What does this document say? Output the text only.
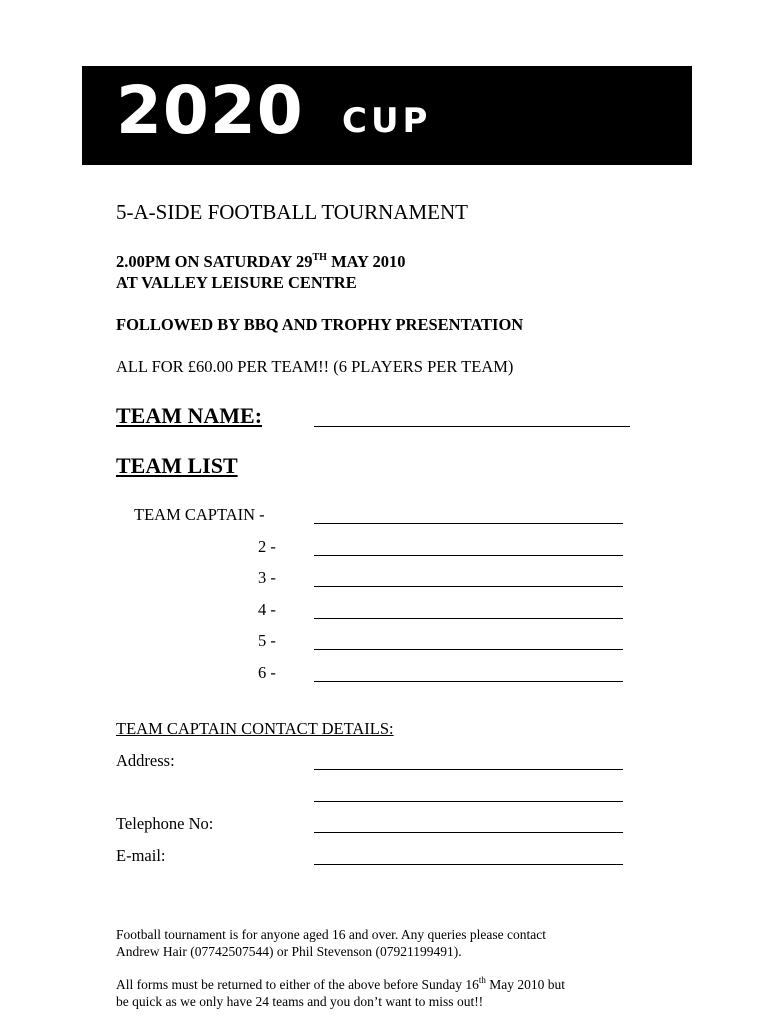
2020 CUP
5-A-SIDE FOOTBALL TOURNAMENT
2.00PM ON SATURDAY 29TH MAY 2010
AT VALLEY LEISURE CENTRE
FOLLOWED BY BBQ AND TROPHY PRESENTATION
ALL FOR £60.00 PER TEAM!! (6 PLAYERS PER TEAM)
TEAM NAME:
TEAM LIST
TEAM CAPTAIN -
2 -
3 -
4 -
5 -
6 -
TEAM CAPTAIN CONTACT DETAILS:
Address:
Telephone No:
E-mail:
Football tournament is for anyone aged 16 and over. Any queries please contact
Andrew Hair (07742507544) or Phil Stevenson (07921199491).
All forms must be returned to either of the above before Sunday 16th May 2010 but
be quick as we only have 24 teams and you don’t want to miss out!!
